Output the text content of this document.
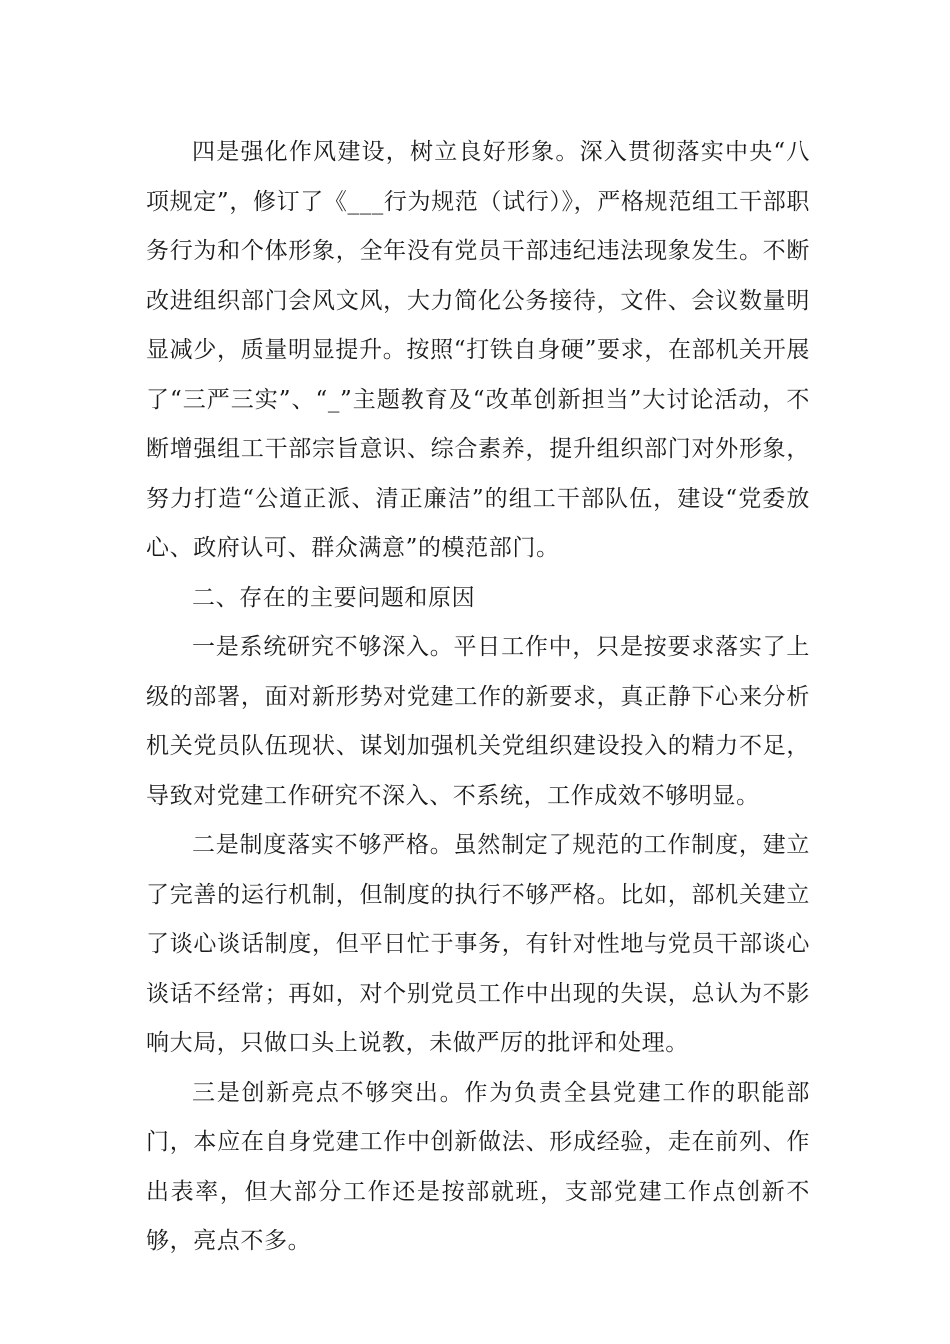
四是强化作风建设，树立良好形象。深入贯彻落实中央“八项规定”，修订了《___行为规范（试行）》，严格规范组工干部职务行为和个体形象，全年没有党员干部违纪违法现象发生。不断改进组织部门会风文风，大力简化公务接待，文件、会议数量明显减少，质量明显提升。按照“打铁自身硬”要求，在部机关开展了“三严三实”、“_”主题教育及“改革创新担当”大讨论活动，不断增强组工干部宗旨意识、综合素养，提升组织部门对外形象，努力打造“公道正派、清正廉洁”的组工干部队伍，建设“党委放心、政府认可、群众满意”的模范部门。

二、存在的主要问题和原因

一是系统研究不够深入。平日工作中，只是按要求落实了上级的部署，面对新形势对党建工作的新要求，真正静下心来分析机关党员队伍现状、谋划加强机关党组织建设投入的精力不足，导致对党建工作研究不深入、不系统，工作成效不够明显。

二是制度落实不够严格。虽然制定了规范的工作制度，建立了完善的运行机制，但制度的执行不够严格。比如，部机关建立了谈心谈话制度，但平日忙于事务，有针对性地与党员干部谈心谈话不经常；再如，对个别党员工作中出现的失误，总认为不影响大局，只做口头上说教，未做严厉的批评和处理。

三是创新亮点不够突出。作为负责全县党建工作的职能部门，本应在自身党建工作中创新做法、形成经验，走在前列、作出表率，但大部分工作还是按部就班，支部党建工作点创新不够，亮点不多。
